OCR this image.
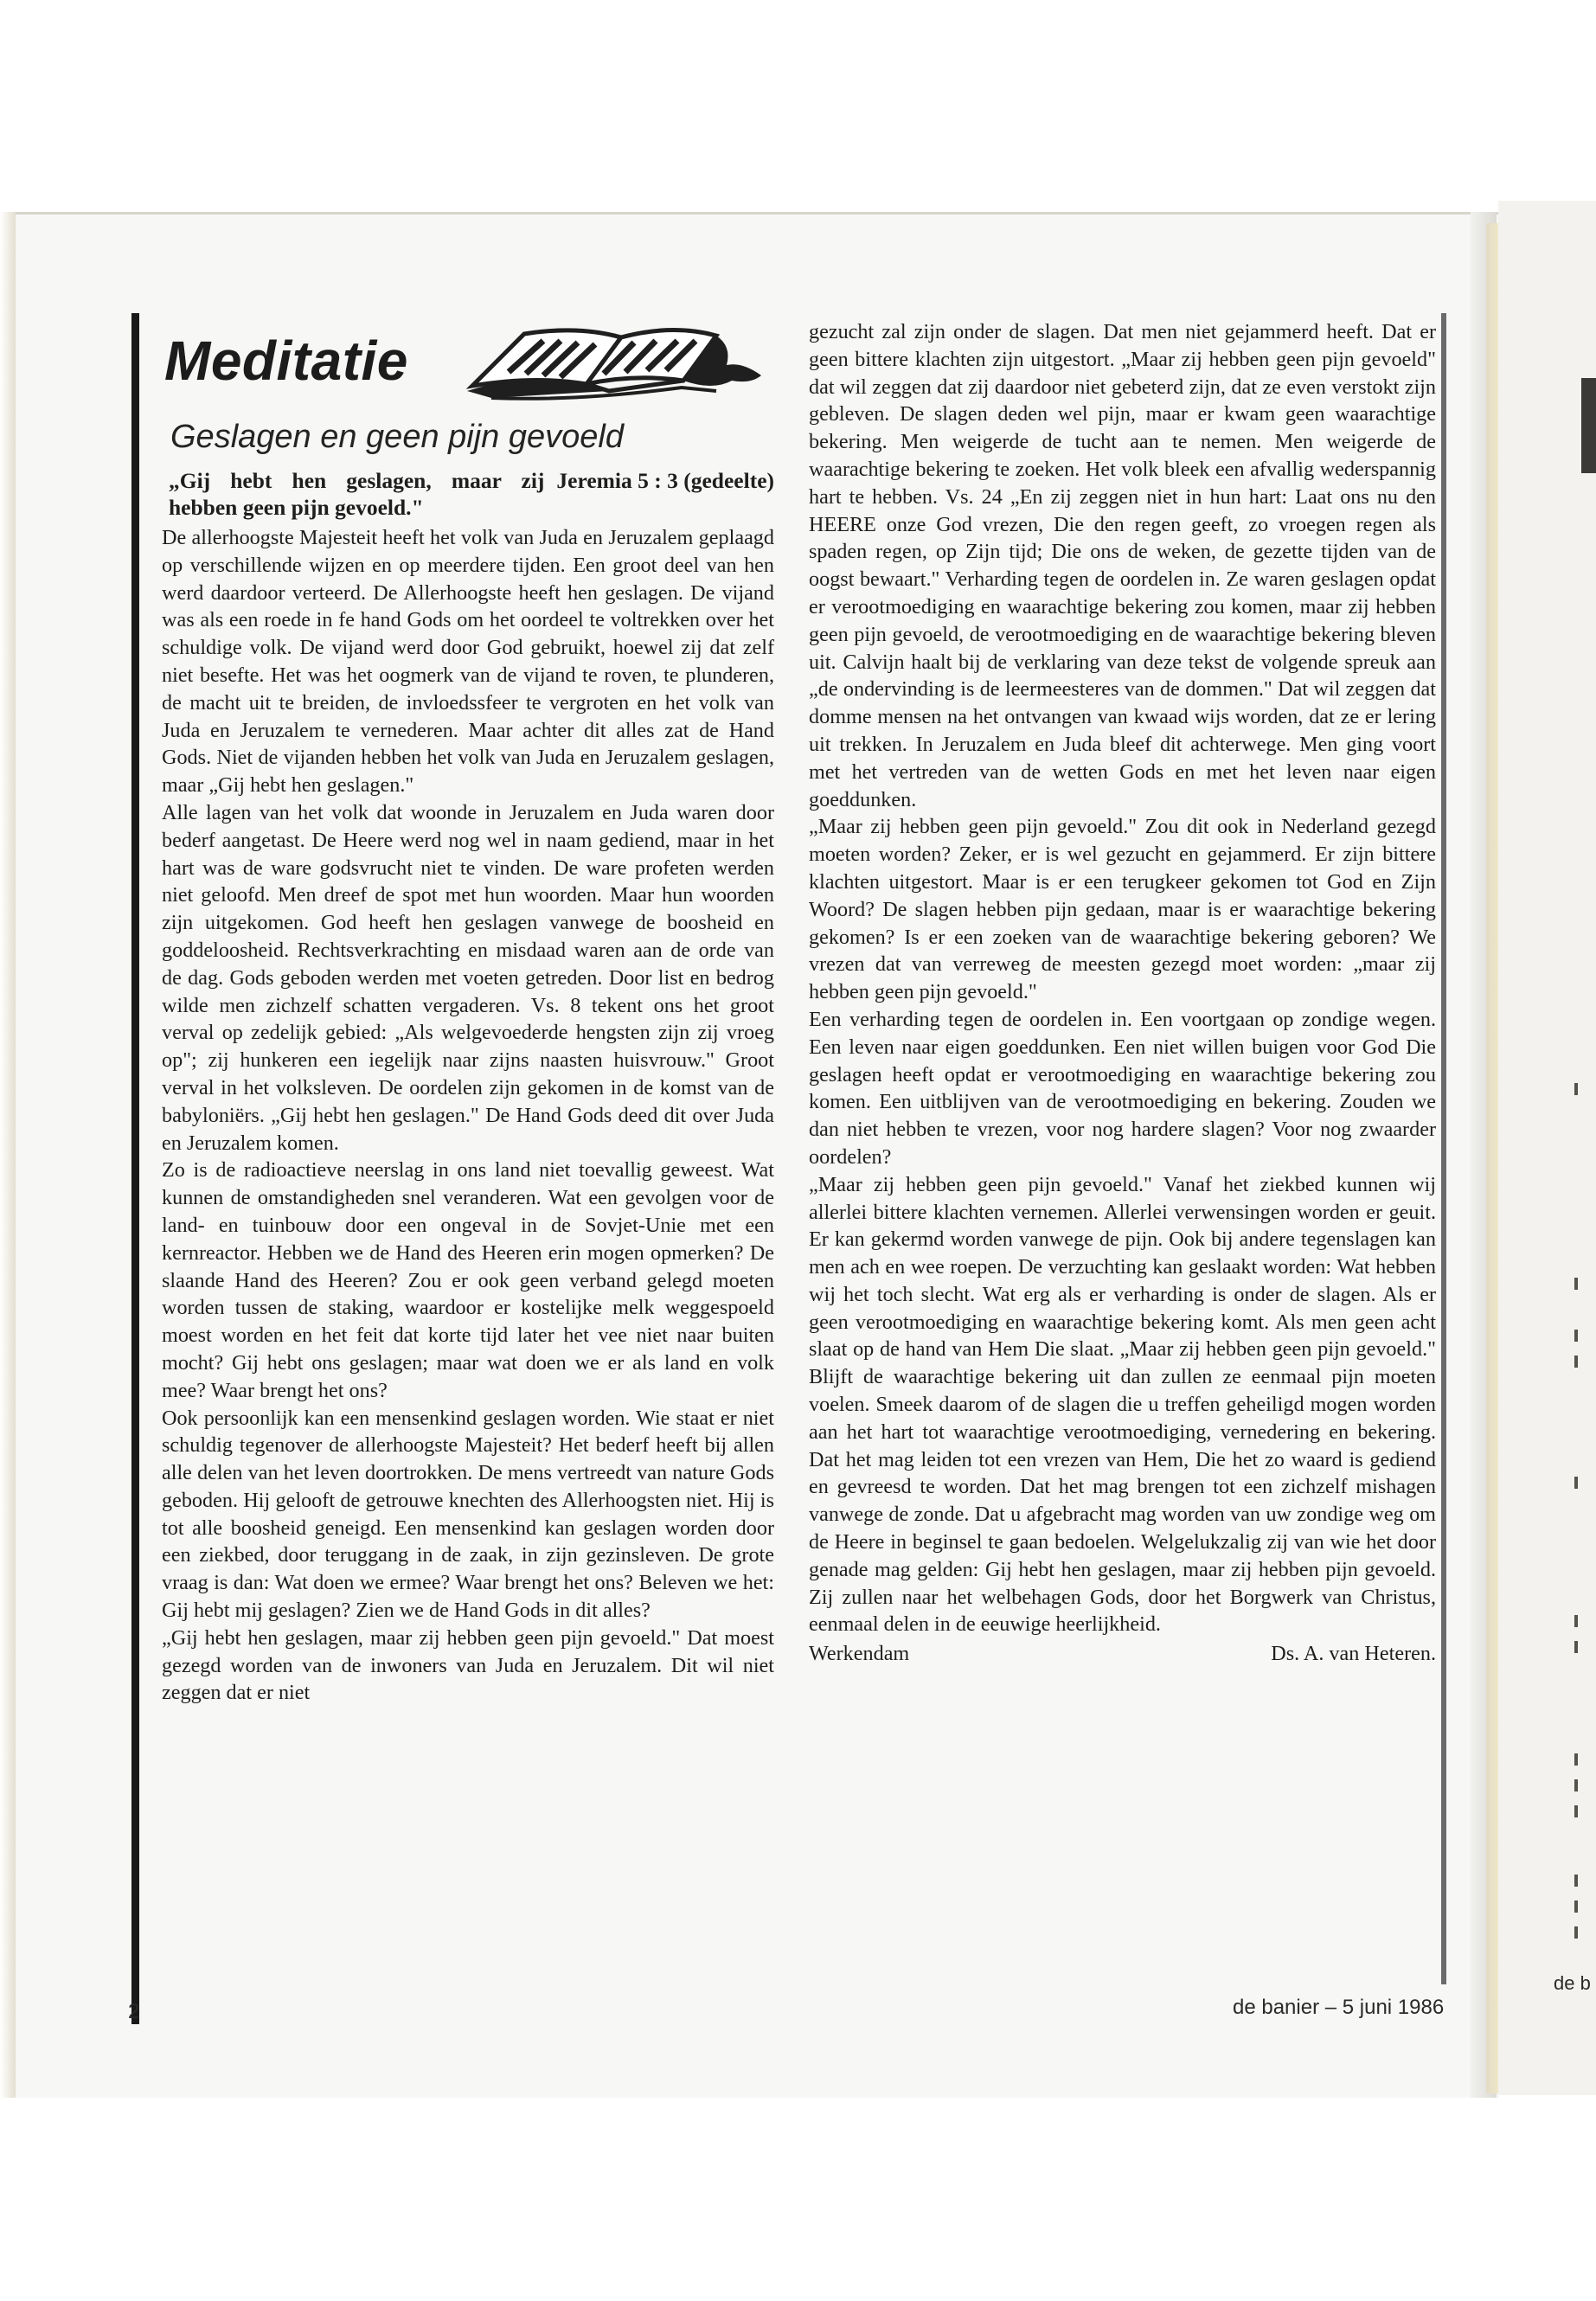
de b
Meditatie
Geslagen en geen pijn gevoeld

Jeremia 5 : 3 (gedeelte)
„Gij hebt hen geslagen, maar zij hebben geen pijn gevoeld."

De allerhoogste Majesteit heeft het volk van Juda en Jeruzalem geplaagd op verschillende wijzen en op meerdere tijden. Een groot deel van hen werd daardoor verteerd. De Allerhoogste heeft hen geslagen. De vijand was als een roede in fe hand Gods om het oordeel te voltrekken over het schuldige volk. De vijand werd door God gebruikt, hoewel zij dat zelf niet besefte. Het was het oogmerk van de vijand te roven, te plunderen, de macht uit te breiden, de invloedssfeer te vergroten en het volk van Juda en Jeruzalem te vernederen. Maar achter dit alles zat de Hand Gods. Niet de vijanden hebben het volk van Juda en Jeruzalem geslagen, maar „Gij hebt hen geslagen."

Alle lagen van het volk dat woonde in Jeruzalem en Juda waren door bederf aangetast. De Heere werd nog wel in naam gediend, maar in het hart was de ware godsvrucht niet te vinden. De ware profeten werden niet geloofd. Men dreef de spot met hun woorden. Maar hun woorden zijn uitgekomen. God heeft hen geslagen vanwege de boosheid en goddeloosheid. Rechtsverkrachting en misdaad waren aan de orde van de dag. Gods geboden werden met voeten getreden. Door list en bedrog wilde men zichzelf schatten vergaderen. Vs. 8 tekent ons het groot verval op zedelijk gebied: „Als welgevoederde hengsten zijn zij vroeg op"; zij hunkeren een iegelijk naar zijns naasten huisvrouw." Groot verval in het volksleven. De oordelen zijn gekomen in de komst van de babyloniërs. „Gij hebt hen geslagen." De Hand Gods deed dit over Juda en Jeruzalem komen.

Zo is de radioactieve neerslag in ons land niet toevallig geweest. Wat kunnen de omstandigheden snel veranderen. Wat een gevolgen voor de land- en tuinbouw door een ongeval in de Sovjet-Unie met een kernreactor. Hebben we de Hand des Heeren erin mogen opmerken? De slaande Hand des Heeren? Zou er ook geen verband gelegd moeten worden tussen de staking, waardoor er kostelijke melk weggespoeld moest worden en het feit dat korte tijd later het vee niet naar buiten mocht? Gij hebt ons geslagen; maar wat doen we er als land en volk mee? Waar brengt het ons?

Ook persoonlijk kan een mensenkind geslagen worden. Wie staat er niet schuldig tegenover de allerhoogste Majesteit? Het bederf heeft bij allen alle delen van het leven doortrokken. De mens vertreedt van nature Gods geboden. Hij gelooft de getrouwe knechten des Allerhoogsten niet. Hij is tot alle boosheid geneigd. Een mensenkind kan geslagen worden door een ziekbed, door teruggang in de zaak, in zijn gezinsleven. De grote vraag is dan: Wat doen we ermee? Waar brengt het ons? Beleven we het: Gij hebt mij geslagen? Zien we de Hand Gods in dit alles?

„Gij hebt hen geslagen, maar zij hebben geen pijn gevoeld." Dat moest gezegd worden van de inwoners van Juda en Jeruzalem. Dit wil niet zeggen dat er niet

gezucht zal zijn onder de slagen. Dat men niet gejammerd heeft. Dat er geen bittere klachten zijn uitgestort. „Maar zij hebben geen pijn gevoeld" dat wil zeggen dat zij daardoor niet gebeterd zijn, dat ze even verstokt zijn gebleven. De slagen deden wel pijn, maar er kwam geen waarachtige bekering. Men weigerde de tucht aan te nemen. Men weigerde de waarachtige bekering te zoeken. Het volk bleek een afvallig wederspannig hart te hebben. Vs. 24 „En zij zeggen niet in hun hart: Laat ons nu den HEERE onze God vrezen, Die den regen geeft, zo vroegen regen als spaden regen, op Zijn tijd; Die ons de weken, de gezette tijden van de oogst bewaart." Verharding tegen de oordelen in. Ze waren geslagen opdat er verootmoediging en waarachtige bekering zou komen, maar zij hebben geen pijn gevoeld, de verootmoediging en de waarachtige bekering bleven uit. Calvijn haalt bij de verklaring van deze tekst de volgende spreuk aan „de ondervinding is de leermeesteres van de dommen." Dat wil zeggen dat domme mensen na het ontvangen van kwaad wijs worden, dat ze er lering uit trekken. In Jeruzalem en Juda bleef dit achterwege. Men ging voort met het vertreden van de wetten Gods en met het leven naar eigen goeddunken.

„Maar zij hebben geen pijn gevoeld." Zou dit ook in Nederland gezegd moeten worden? Zeker, er is wel gezucht en gejammerd. Er zijn bittere klachten uitgestort. Maar is er een terugkeer gekomen tot God en Zijn Woord? De slagen hebben pijn gedaan, maar is er waarachtige bekering gekomen? Is er een zoeken van de waarachtige bekering geboren? We vrezen dat van verreweg de meesten gezegd moet worden: „maar zij hebben geen pijn gevoeld."

Een verharding tegen de oordelen in. Een voortgaan op zondige wegen. Een leven naar eigen goeddunken. Een niet willen buigen voor God Die geslagen heeft opdat er verootmoediging en waarachtige bekering zou komen. Een uitblijven van de verootmoediging en bekering. Zouden we dan niet hebben te vrezen, voor nog hardere slagen? Voor nog zwaarder oordelen?

„Maar zij hebben geen pijn gevoeld." Vanaf het ziekbed kunnen wij allerlei bittere klachten vernemen. Allerlei verwensingen worden er geuit. Er kan gekermd worden vanwege de pijn. Ook bij andere tegenslagen kan men ach en wee roepen. De verzuchting kan geslaakt worden: Wat hebben wij het toch slecht. Wat erg als er verharding is onder de slagen. Als er geen verootmoediging en waarachtige bekering komt. Als men geen acht slaat op de hand van Hem Die slaat. „Maar zij hebben geen pijn gevoeld." Blijft de waarachtige bekering uit dan zullen ze eenmaal pijn moeten voelen. Smeek daarom of de slagen die u treffen geheiligd mogen worden aan het hart tot waarachtige verootmoediging, vernedering en bekering. Dat het mag leiden tot een vrezen van Hem, Die het zo waard is gediend en gevreesd te worden. Dat het mag brengen tot een zichzelf mishagen vanwege de zonde. Dat u afgebracht mag worden van uw zondige weg om de Heere in beginsel te gaan bedoelen. Welgelukzalig zij van wie het door genade mag gelden: Gij hebt hen geslagen, maar zij hebben pijn gevoeld. Zij zullen naar het welbehagen Gods, door het Borgwerk van Christus, eenmaal delen in de eeuwige heerlijkheid.

Werkendam	Ds. A. van Heteren.

2	de banier – 5 juni 1986
